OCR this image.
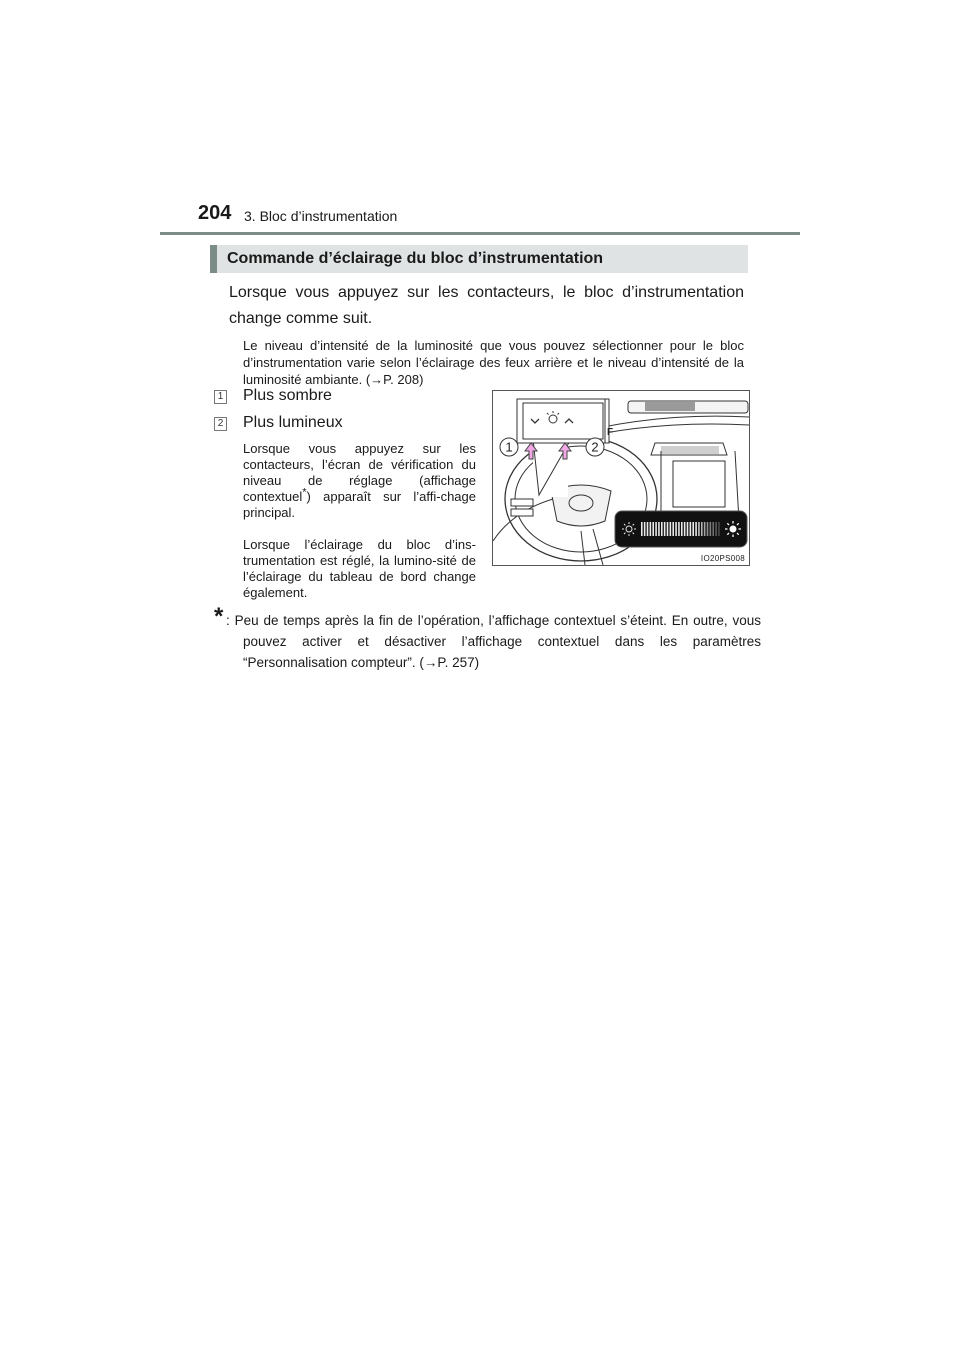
204 3. Bloc d’instrumentation
Commande d’éclairage du bloc d’instrumentation

Lorsque vous appuyez sur les contacteurs, le bloc d’instrumentation change comme suit.

Le niveau d’intensité de la luminosité que vous pouvez sélectionner pour le bloc d’instrumentation varie selon l’éclairage des feux arrière et le niveau d’intensité de la luminosité ambiante. (→P. 208)

1 Plus sombre
2 Plus lumineux

Lorsque vous appuyez sur les contacteurs, l’écran de vérification du niveau de réglage (affichage contextuel*) apparaît sur l’affi-chage principal.

Lorsque l’éclairage du bloc d’ins-trumentation est réglé, la lumino-sité de l’éclairage du tableau de bord change également.

* : Peu de temps après la fin de l’opération, l’affichage contextuel s’éteint. En outre, vous pouvez activer et désactiver l’affichage contextuel dans les paramètres “Personnalisation compteur”. (→P. 257)

1	2
F
IO20PS008
